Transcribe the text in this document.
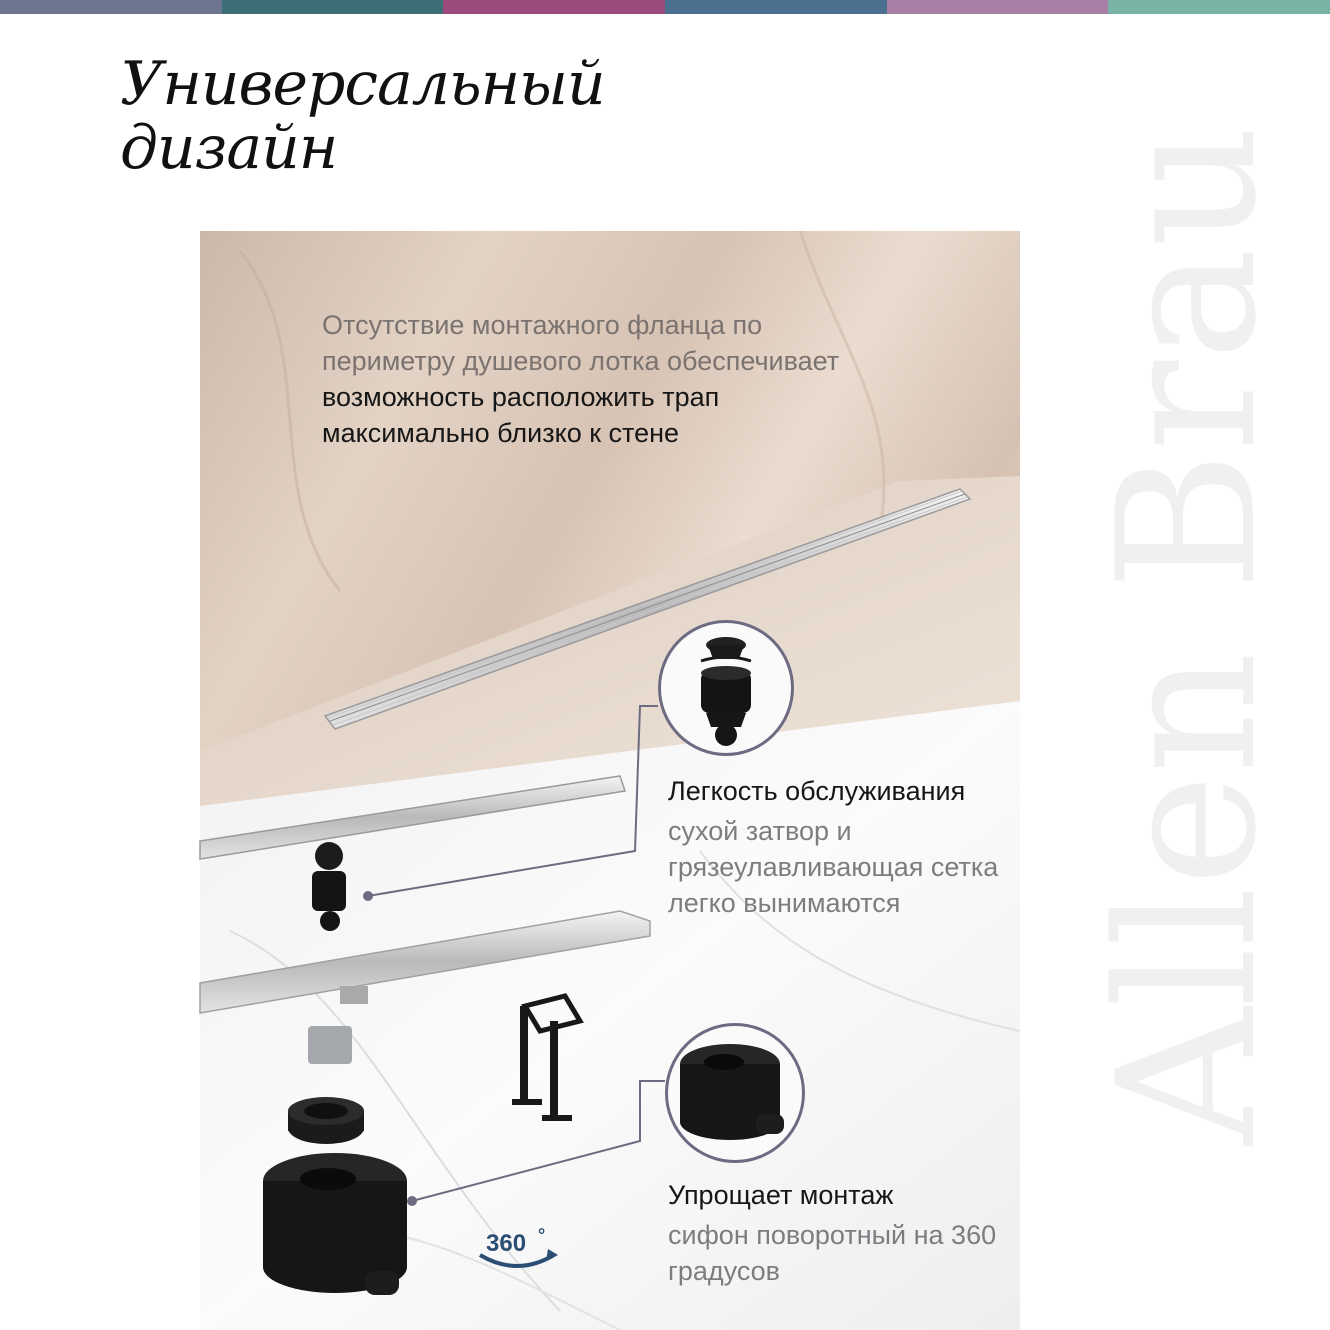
Универсальный
дизайн	Allen Brau
Отсутствие монтажного фланца по периметру душевого лотка обеспечивает возможность расположить трап максимально близко к стене
Легкость обслуживания

сухой затвор и грязеулавливающая сетка легко вынимаются

Упрощает монтаж

сифон поворотный на 360 градусов

360 °
